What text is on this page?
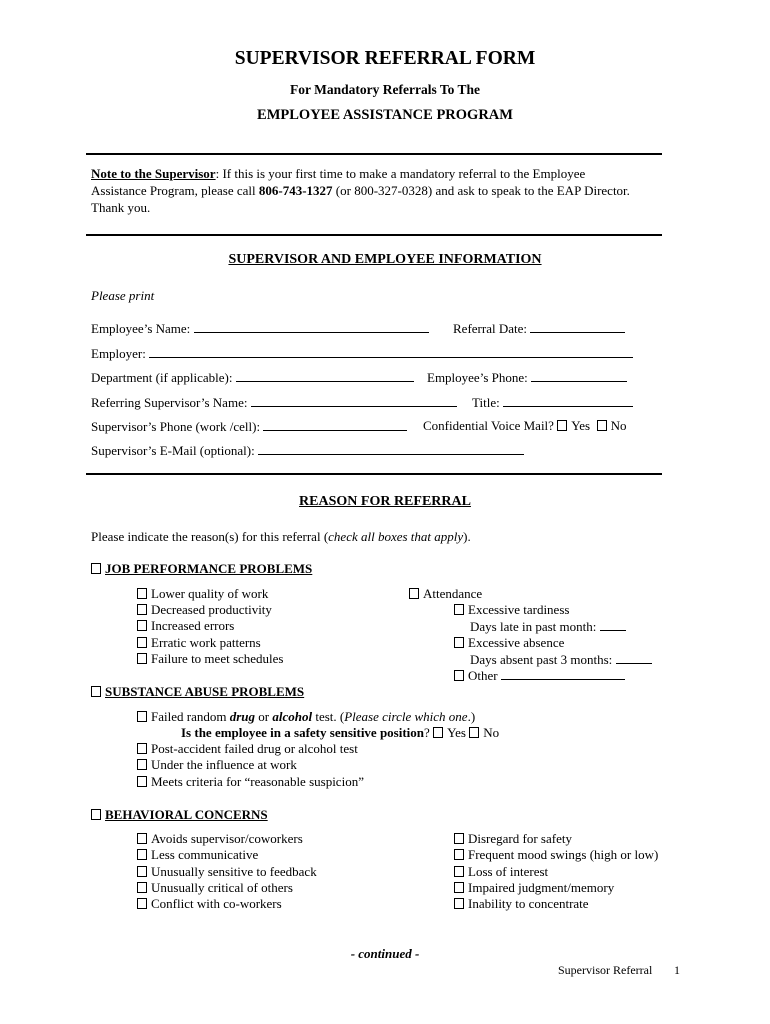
SUPERVISOR REFERRAL FORM
For Mandatory Referrals To The
EMPLOYEE ASSISTANCE PROGRAM
Note to the Supervisor: If this is your first time to make a mandatory referral to the Employee
Assistance Program, please call 806-743-1327 (or 800-327-0328) and ask to speak to the EAP Director.
Thank you.
SUPERVISOR AND EMPLOYEE INFORMATION
Please print
Employee’s Name:	Referral Date:
Employer:
Department (if applicable):	Employee’s Phone:
Referring Supervisor’s Name:	Title:
Supervisor’s Phone (work /cell):	Confidential Voice Mail? Yes No
Supervisor’s E-Mail (optional):
REASON FOR REFERRAL
Please indicate the reason(s) for this referral (check all boxes that apply).
JOB PERFORMANCE PROBLEMS
Lower quality of work
Decreased productivity
Increased errors
Erratic work patterns
Failure to meet schedules
Attendance
Excessive tardiness
Days late in past month:
Excessive absence
Days absent past 3 months:
Other
SUBSTANCE ABUSE PROBLEMS
Failed random drug or alcohol test. (Please circle which one.)
Is the employee in a safety sensitive position? Yes No
Post-accident failed drug or alcohol test
Under the influence at work
Meets criteria for “reasonable suspicion”
BEHAVIORAL CONCERNS
Avoids supervisor/coworkers
Less communicative
Unusually sensitive to feedback
Unusually critical of others
Conflict with co-workers
Disregard for safety
Frequent mood swings (high or low)
Loss of interest
Impaired judgment/memory
Inability to concentrate
- continued -
Supervisor Referral 1
